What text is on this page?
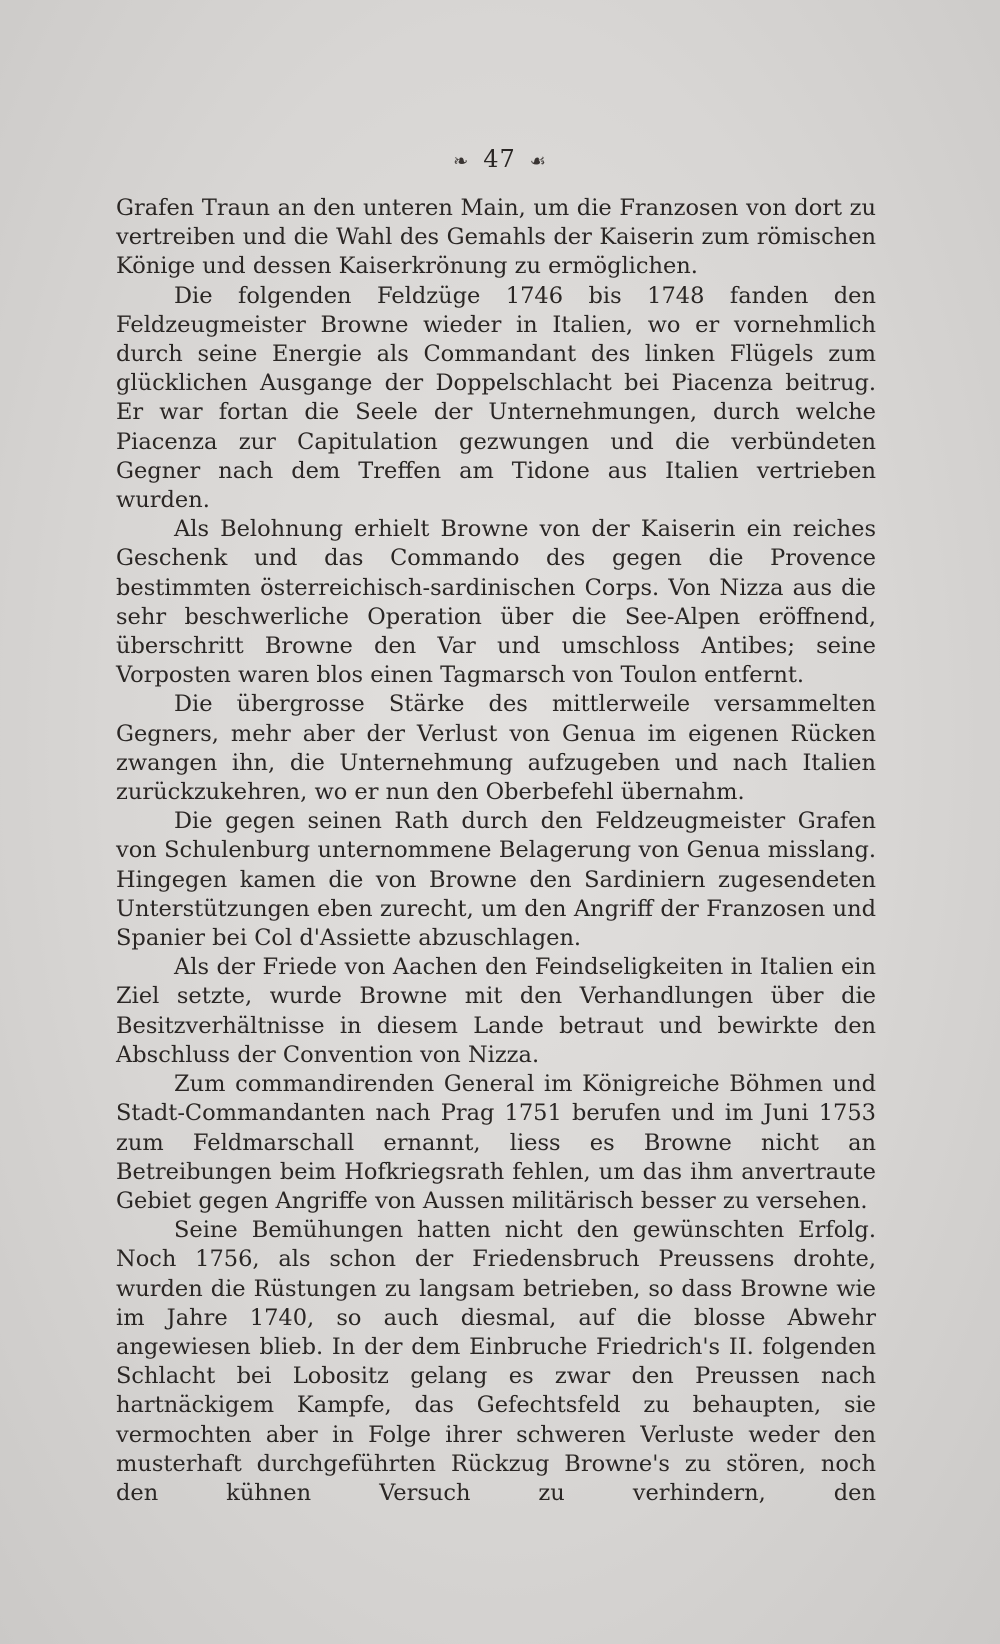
❧ 47 ☙

Grafen Traun an den unteren Main, um die Franzosen von dort zu vertreiben und die Wahl des Gemahls der Kaiserin zum römischen Könige und dessen Kaiserkrönung zu ermöglichen.

Die folgenden Feldzüge 1746 bis 1748 fanden den Feldzeugmeister Browne wieder in Italien, wo er vornehmlich durch seine Energie als Commandant des linken Flügels zum glücklichen Ausgange der Doppelschlacht bei Piacenza beitrug. Er war fortan die Seele der Unternehmungen, durch welche Piacenza zur Capitulation gezwungen und die verbündeten Gegner nach dem Treffen am Tidone aus Italien vertrieben wurden.

Als Belohnung erhielt Browne von der Kaiserin ein reiches Geschenk und das Commando des gegen die Provence bestimmten österreichisch-sardinischen Corps. Von Nizza aus die sehr beschwerliche Operation über die See-Alpen eröffnend, überschritt Browne den Var und umschloss Antibes; seine Vorposten waren blos einen Tagmarsch von Toulon entfernt.

Die übergrosse Stärke des mittlerweile versammelten Gegners, mehr aber der Verlust von Genua im eigenen Rücken zwangen ihn, die Unternehmung aufzugeben und nach Italien zurückzukehren, wo er nun den Oberbefehl übernahm.

Die gegen seinen Rath durch den Feldzeugmeister Grafen von Schulenburg unternommene Belagerung von Genua misslang. Hingegen kamen die von Browne den Sardiniern zugesendeten Unterstützungen eben zurecht, um den Angriff der Franzosen und Spanier bei Col d'Assiette abzuschlagen.

Als der Friede von Aachen den Feindseligkeiten in Italien ein Ziel setzte, wurde Browne mit den Verhandlungen über die Besitzverhältnisse in diesem Lande betraut und bewirkte den Abschluss der Convention von Nizza.

Zum commandirenden General im Königreiche Böhmen und Stadt-Commandanten nach Prag 1751 berufen und im Juni 1753 zum Feldmarschall ernannt, liess es Browne nicht an Betreibungen beim Hofkriegsrath fehlen, um das ihm anvertraute Gebiet gegen Angriffe von Aussen militärisch besser zu versehen.

Seine Bemühungen hatten nicht den gewünschten Erfolg. Noch 1756, als schon der Friedensbruch Preussens drohte, wurden die Rüstungen zu langsam betrieben, so dass Browne wie im Jahre 1740, so auch diesmal, auf die blosse Abwehr angewiesen blieb. In der dem Einbruche Friedrich's II. folgenden Schlacht bei Lobositz gelang es zwar den Preussen nach hartnäckigem Kampfe, das Gefechtsfeld zu behaupten, sie vermochten aber in Folge ihrer schweren Verluste weder den musterhaft durchgeführten Rückzug Browne's zu stören, noch den kühnen Versuch zu verhindern, den
